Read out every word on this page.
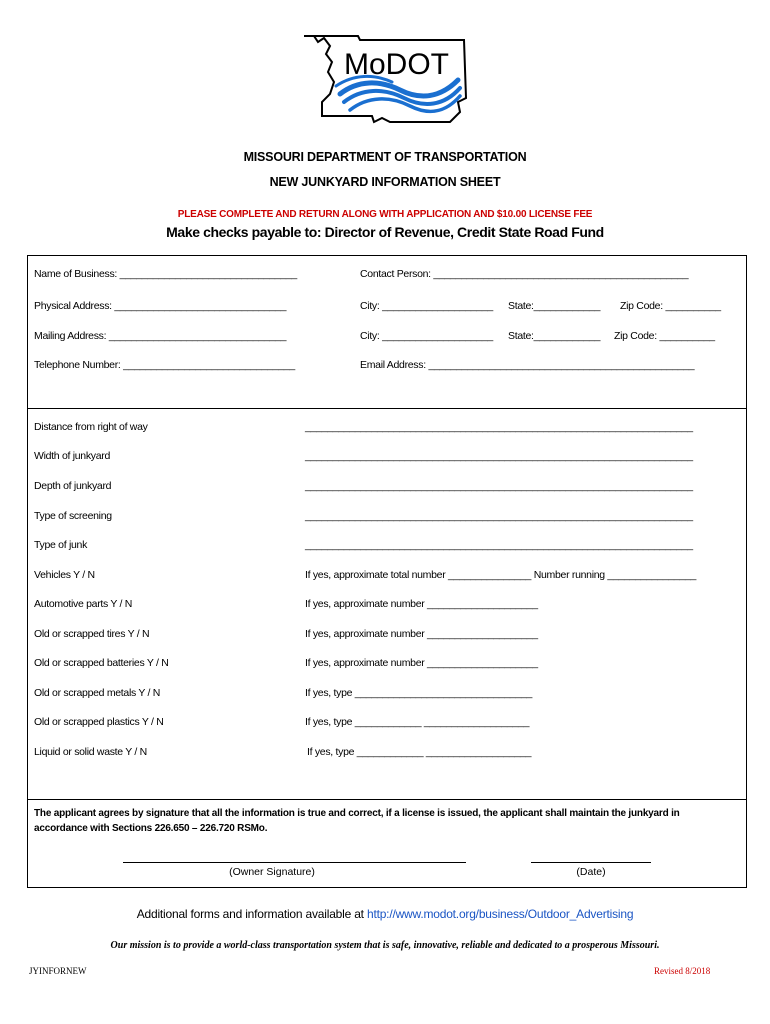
MoDOT
MISSOURI DEPARTMENT OF TRANSPORTATION
NEW JUNKYARD INFORMATION SHEET
PLEASE COMPLETE AND RETURN ALONG WITH APPLICATION AND $10.00 LICENSE FEE
Make checks payable to: Director of Revenue, Credit State Road Fund
Name of Business: ________________________________	Contact Person: ______________________________________________
Physical Address: _______________________________	City: ____________________ State:____________ Zip Code: __________
Mailing Address: ________________________________	City: ____________________ State:____________ Zip Code: __________
Telephone Number: _______________________________	Email Address: ________________________________________________
Distance from right of way	______________________________________________________________________
Width of junkyard	______________________________________________________________________
Depth of junkyard	______________________________________________________________________
Type of screening	______________________________________________________________________
Type of junk	______________________________________________________________________
Vehicles Y / N	If yes, approximate total number _______________ Number running ________________
Automotive parts Y / N	If yes, approximate number ____________________
Old or scrapped tires Y / N	If yes, approximate number ____________________
Old or scrapped batteries Y / N	If yes, approximate number ____________________
Old or scrapped metals Y / N	If yes, type ________________________________
Old or scrapped plastics Y / N	If yes, type ____________ ___________________
Liquid or solid waste Y / N	If yes, type ____________ ___________________
The applicant agrees by signature that all the information is true and correct, if a license is issued, the applicant shall maintain the junkyard in accordance with Sections 226.650 – 226.720 RSMo.
(Owner Signature)	(Date)
Additional forms and information available at http://www.modot.org/business/Outdoor_Advertising
Our mission is to provide a world-class transportation system that is safe, innovative, reliable and dedicated to a prosperous Missouri.
JYINFORNEW	Revised 8/2018
